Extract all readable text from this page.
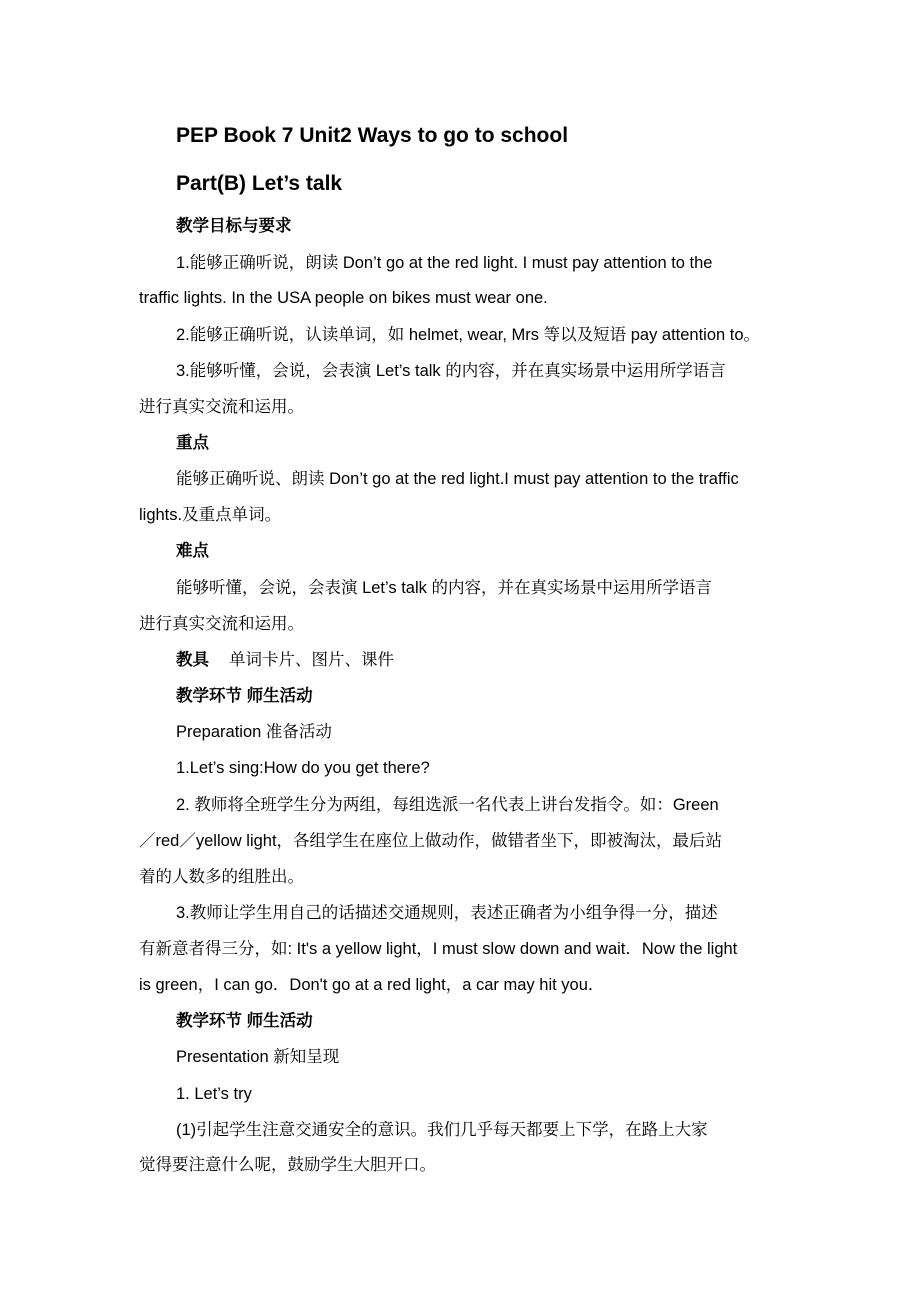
PEP Book 7 Unit2 Ways to go to school
Part(B) Let’s talk
教学目标与要求
1.能够正确听说，朗读 Don’t go at the red light. I must pay attention to the
traffic lights. In the USA people on bikes must wear one.
2.能够正确听说，认读单词，如 helmet, wear, Mrs 等以及短语 pay attention to。
3.能够听懂，会说，会表演 Let’s talk 的内容，并在真实场景中运用所学语言
进行真实交流和运用。
重点
能够正确听说、朗读 Don’t go at the red light.I must pay attention to the traffic
lights.及重点单词。
难点
能够听懂，会说，会表演 Let’s talk 的内容，并在真实场景中运用所学语言
进行真实交流和运用。
教具 单词卡片、图片、课件
教学环节 师生活动
Preparation 准备活动
1.Let’s sing:How do you get there?
2. 教师将全班学生分为两组，每组选派一名代表上讲台发指令。如：Green
／red／yellow light，各组学生在座位上做动作，做错者坐下，即被淘汰，最后站
着的人数多的组胜出。
3.教师让学生用自己的话描述交通规则，表述正确者为小组争得一分，描述
有新意者得三分，如: It's a yellow light，I must slow down and wait．Now the light
is green，I can go．Don't go at a red light，a car may hit you．
教学环节 师生活动
Presentation 新知呈现
1. Let’s try
(1)引起学生注意交通安全的意识。我们几乎每天都要上下学，在路上大家
觉得要注意什么呢，鼓励学生大胆开口。
